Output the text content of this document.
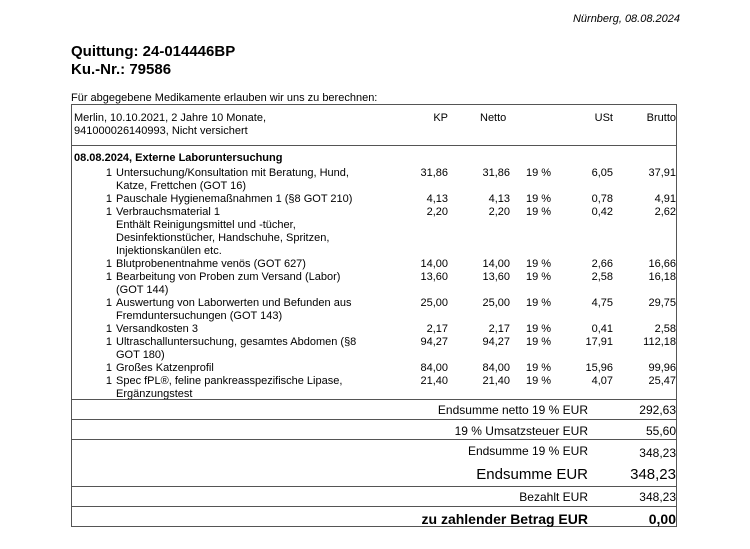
Nürnberg, 08.08.2024
Quittung: 24-014446BP
Ku.-Nr.: 79586
Für abgegebene Medikamente erlauben wir uns zu berechnen:
Merlin, 10.10.2021, 2 Jahre 10 Monate,
941000026140993, Nicht versichert
KP	Netto	USt	Brutto
08.08.2024, Externe Laboruntersuchung
1 Untersuchung/Konsultation mit Beratung, Hund,
Katze, Frettchen (GOT 16)
31,86	31,86 19 %	6,05	37,91
1 Pauschale Hygienemaßnahmen 1 (§8 GOT 210)	4,13	4,13 19 %	0,78	4,91
1 Verbrauchsmaterial 1
Enthält Reinigungsmittel und -tücher,
Desinfektionstücher, Handschuhe, Spritzen,
Injektionskanülen etc.
2,20	2,20 19 %	0,42	2,62
1 Blutprobenentnahme venös (GOT 627)	14,00	14,00 19 %	2,66	16,66
1 Bearbeitung von Proben zum Versand (Labor)
(GOT 144)
13,60	13,60 19 %	2,58	16,18
1 Auswertung von Laborwerten und Befunden aus
Fremduntersuchungen (GOT 143)
25,00	25,00 19 %	4,75	29,75
1 Versandkosten 3	2,17	2,17 19 %	0,41	2,58
1 Ultraschalluntersuchung, gesamtes Abdomen (§8
GOT 180)
94,27	94,27 19 %	17,91	112,18
1 Großes Katzenprofil	84,00	84,00 19 %	15,96	99,96
1 Spec fPL®, feline pankreasspezifische Lipase,
Ergänzungstest
21,40	21,40 19 %	4,07	25,47
Endsumme netto 19 % EUR	292,63
19 % Umsatzsteuer EUR	55,60
Endsumme 19 % EUR	348,23
Endsumme EUR	348,23
Bezahlt EUR	348,23
zu zahlender Betrag EUR	0,00
